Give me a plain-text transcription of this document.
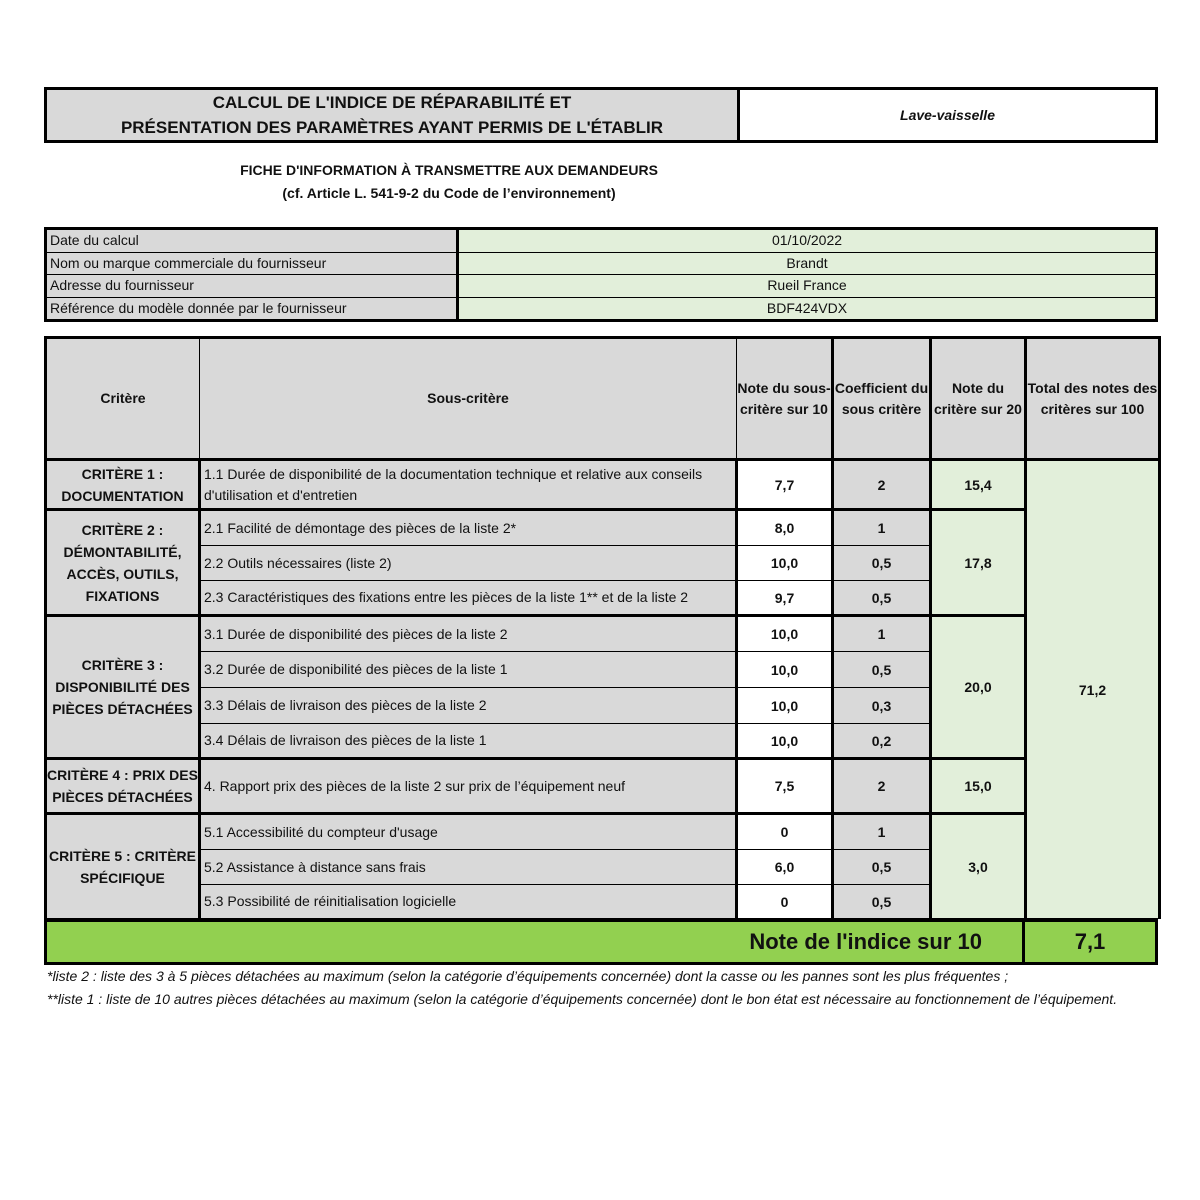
CALCUL DE L'INDICE DE RÉPARABILITÉ ET
PRÉSENTATION DES PARAMÈTRES AYANT PERMIS DE L'ÉTABLIR
Lave-vaisselle
FICHE D'INFORMATION À TRANSMETTRE AUX DEMANDEURS
(cf. Article L. 541-9-2 du Code de l’environnement)
Date du calcul	01/10/2022
Nom ou marque commerciale du fournisseur	Brandt
Adresse du fournisseur	Rueil France
Référence du modèle donnée par le fournisseur	BDF424VDX
Critère	Sous-critère	Note du sous-critère sur 10	Coefficient du sous critère	Note du critère sur 20	Total des notes des critères sur 100
CRITÈRE 1 : DOCUMENTATION	1.1 Durée de disponibilité de la documentation technique et relative aux conseils d'utilisation et d'entretien	7,7	2	15,4	71,2
CRITÈRE 2 : DÉMONTABILITÉ, ACCÈS, OUTILS, FIXATIONS	2.1 Facilité de démontage des pièces de la liste 2*	8,0	1	17,8	
	2.2 Outils nécessaires (liste 2)	10,0	0,5		
	2.3 Caractéristiques des fixations entre les pièces de la liste 1** et de la liste 2	9,7	0,5		
CRITÈRE 3 : DISPONIBILITÉ DES PIÈCES DÉTACHÉES	3.1 Durée de disponibilité des pièces de la liste 2	10,0	1	20,0	
	3.2 Durée de disponibilité des pièces de la liste 1	10,0	0,5		
	3.3 Délais de livraison des pièces de la liste 2	10,0	0,3		
	3.4 Délais de livraison des pièces de la liste 1	10,0	0,2		
CRITÈRE 4 : PRIX DES PIÈCES DÉTACHÉES	4. Rapport prix des pièces de la liste 2 sur prix de l’équipement neuf	7,5	2	15,0	
CRITÈRE 5 : CRITÈRE SPÉCIFIQUE	5.1 Accessibilité du compteur d'usage	0	1	3,0	
	5.2 Assistance à distance sans frais	6,0	0,5		
	5.3 Possibilité de réinitialisation logicielle	0	0,5		
Note de l'indice sur 10	7,1
*liste 2 : liste des 3 à 5 pièces détachées au maximum (selon la catégorie d’équipements concernée) dont la casse ou les pannes sont les plus fréquentes ;
**liste 1 : liste de 10 autres pièces détachées au maximum (selon la catégorie d’équipements concernée) dont le bon état est nécessaire au fonctionnement de l’équipement.
